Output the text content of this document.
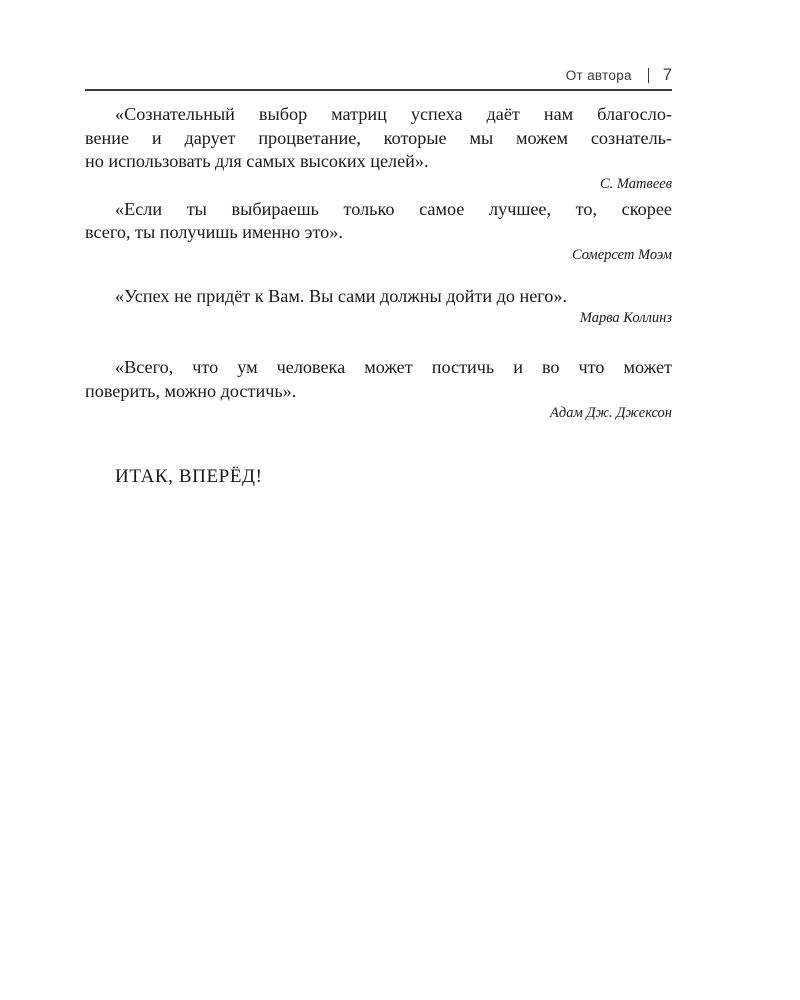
От автора 7

«Сознательный выбор матриц успеха даёт нам благосло-
вение и дарует процветание, которые мы можем сознатель-
но использовать для самых высоких целей».

С. Матвеев

«Если ты выбираешь только самое лучшее, то, скорее
всего, ты получишь именно это».

Сомерсет Моэм

«Успех не придёт к Вам. Вы сами должны дойти до него».

Марва Коллинз

«Всего, что ум человека может постичь и во что может
поверить, можно достичь».

Адам Дж. Джексон
ИТАК, ВПЕРЁД!
